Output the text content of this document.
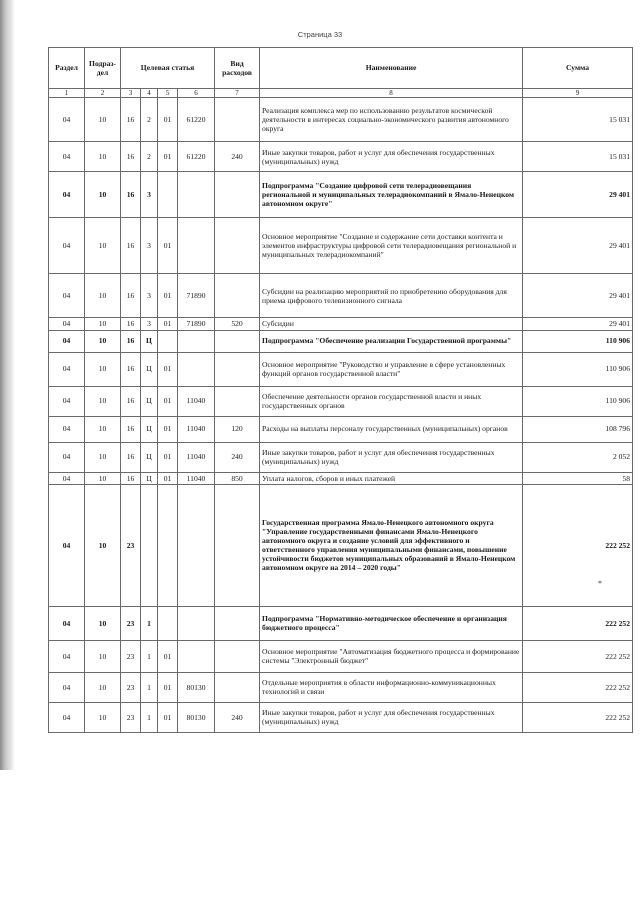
Страница 33
Раздел	Подраз-дел	Целевая статья				Вид расходов	Наименование	Сумма
1	2	3	4	5	6	7	8	9
04	10	16	2	01	61220		Реализация комплекса мер по использованию результатов космической деятельности в интересах социально-экономического развития автономного округа	15 031
04	10	16	2	01	61220	240	Иные закупки товаров, работ и услуг для обеспечения государственных (муниципальных) нужд	15 031
04	10	16	3				Подпрограмма "Создание цифровой сети телерадиовещания региональной и муниципальных телерадиокомпаний в Ямало-Ненецком автономном округе"	29 401
04	10	16	3	01			Основное мероприятие "Создание и содержание сети доставки контента и элементов инфраструктуры цифровой сети телерадиовещания региональной и муниципальных телерадиокомпаний"	29 401
04	10	16	3	01	71890		Субсидии на реализацию мероприятий по приобретению оборудования для приема цифрового телевизионного сигнала	29 401
04	10	16	3	01	71890	520	Субсидии	29 401
04	10	16	Ц				Подпрограмма "Обеспечение реализации Государственной программы"	110 906
04	10	16	Ц	01			Основное мероприятие "Руководство и управление в сфере установленных функций органов государственной власти"	110 906
04	10	16	Ц	01	11040		Обеспечение деятельности органов государственной власти и иных государственных органов	110 906
04	10	16	Ц	01	11040	120	Расходы на выплаты персоналу государственных (муниципальных) органов	108 796
04	10	16	Ц	01	11040	240	Иные закупки товаров, работ и услуг для обеспечения государственных (муниципальных) нужд	2 052
04	10	16	Ц	01	11040	850	Уплата налогов, сборов и иных платежей	58
04	10	23					Государственная программа Ямало-Ненецкого автономного округа "Управление государственными финансами Ямало-Ненецкого автономного округа и создание условий для эффективного и ответственного управления муниципальными финансами, повышение устойчивости бюджетов муниципальных образований в Ямало-Ненецком автономном округе на 2014 – 2020 годы"	222 252
04	10	23	1				Подпрограмма "Нормативно-методическое обеспечение и организация бюджетного процесса"	222 252
04	10	23	1	01			Основное мероприятие "Автоматизация бюджетного процесса и формирование системы "Электронный бюджет"	222 252
04	10	23	1	01	80130		Отдельные мероприятия в области информационно-коммуникационных технологий и связи	222 252
04	10	23	1	01	80130	240	Иные закупки товаров, работ и услуг для обеспечения государственных (муниципальных) нужд	222 252
*
